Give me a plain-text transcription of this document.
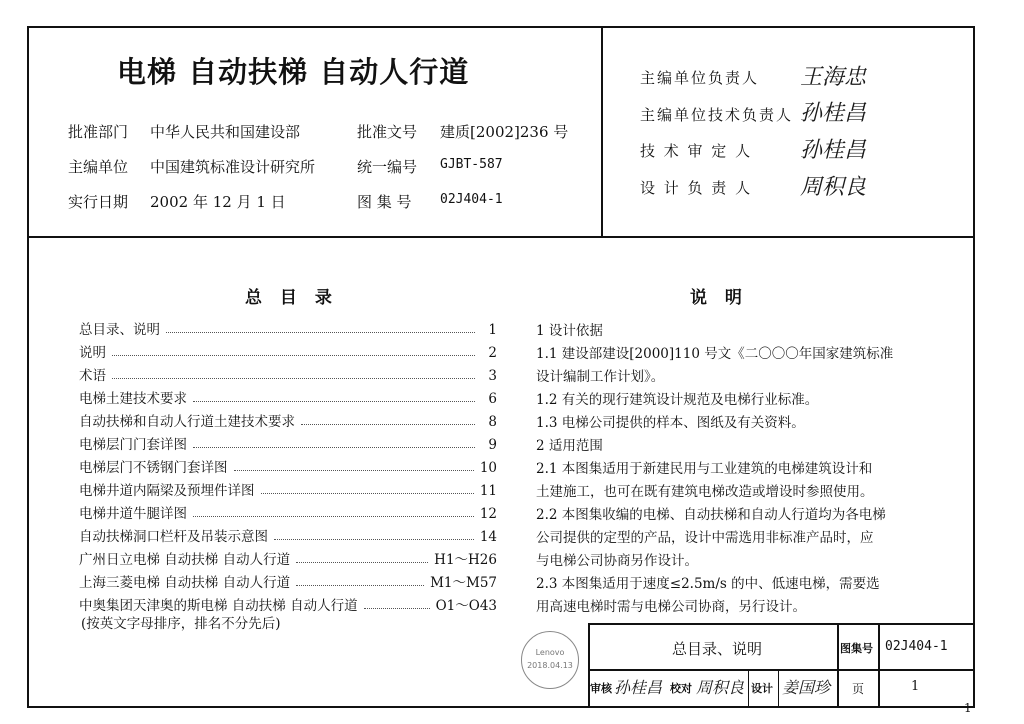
电梯 自动扶梯 自动人行道
批准部门 中华人民共和国建设部	批准文号 建质[2002]236 号
主编单位 中国建筑标准设计研究所	统一编号 GJBT-587
实行日期 2002 年 12 月 1 日	图 集 号 02J404-1
主编单位负责人 王海忠
主编单位技术负责人 孙桂昌
技 术 审 定 人 孙桂昌
设 计 负 责 人 周积良
总 目 录
总目录、说明	1
说明	2
术语	3
电梯土建技术要求	6
自动扶梯和自动人行道土建技术要求	8
电梯层门门套详图	9
电梯层门不锈钢门套详图	10
电梯井道内隔梁及预埋件详图	11
电梯井道牛腿详图	12
自动扶梯洞口栏杆及吊装示意图	14
广州日立电梯 自动扶梯 自动人行道	H1～H26
上海三菱电梯 自动扶梯 自动人行道	M1～M57
中奥集团天津奥的斯电梯 自动扶梯 自动人行道	O1～O43
(按英文字母排序，排名不分先后)
说 明
1 设计依据
1.1 建设部建设[2000]110 号文《二〇〇〇年国家建筑标准
设计编制工作计划》。
1.2 有关的现行建筑设计规范及电梯行业标准。
1.3 电梯公司提供的样本、图纸及有关资料。
2 适用范围
2.1 本图集适用于新建民用与工业建筑的电梯建筑设计和
土建施工，也可在既有建筑电梯改造或增设时参照使用。
2.2 本图集收编的电梯、自动扶梯和自动人行道均为各电梯
公司提供的定型的产品，设计中需选用非标准产品时，应
与电梯公司协商另作设计。
2.3 本图集适用于速度≤2.5m/s 的中、低速电梯，需要选
用高速电梯时需与电梯公司协商，另行设计。
Lenovo
2018.04.13
总目录、说明	图集号 02J404-1
审核 孙桂昌 校对 周积良 设计 姜国珍 页	1
1
